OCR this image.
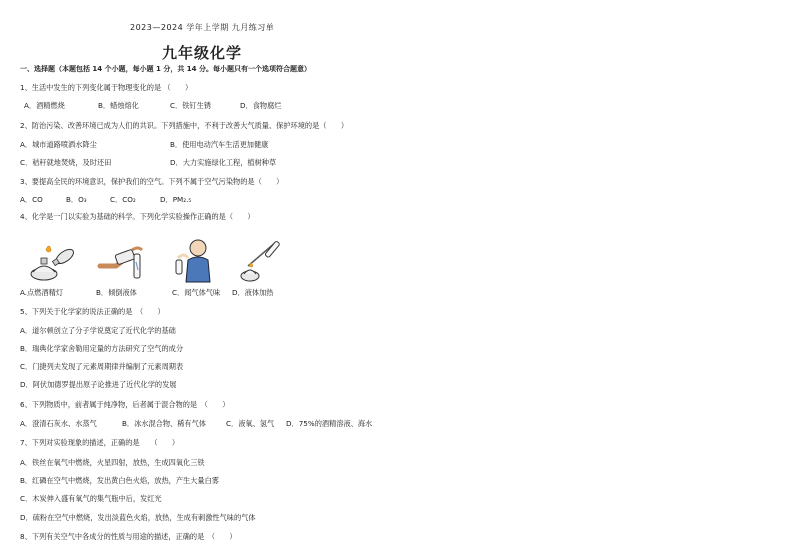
2023—2024 学年上学期 九月练习单
九年级化学
一、选择题（本题包括 14 个小题，每小题 1 分，共 14 分。每小题只有一个选项符合题意）
1、生活中发生的下列变化属于物理变化的是 （　　）
A．酒精燃烧	B．蜡烛熔化	C．铁钉生锈	D．食物腐烂
2、防治污染、改善环境已成为人们的共识。下列措施中，不利于改善大气质量、保护环境的是（　　）
A．城市道路喷洒水降尘	B．使用电动汽车生活更加健康
C．秸秆就地焚烧，及时还田	D．大力实施绿化工程，植树种草
3、要提高全民的环境意识，保护我们的空气。下列不属于空气污染物的是（　　）
A．CO	B．O₃	C．CO₂	D．PM₂.₅
4、化学是一门以实验为基础的科学。下列化学实验操作正确的是（　　）
A.点燃酒精灯	B．倾倒液体	C．闻气体气味 D．液体加热
5、下列关于化学家的说法正确的是　（　　）
A．道尔顿创立了分子学说奠定了近代化学的基础
B．瑞典化学家舍勒用定量的方法研究了空气的成分
C．门捷列夫发现了元素周期律并编制了元素周期表
D．阿伏加德罗提出原子论推进了近代化学的发展
6、下列物质中，前者属于纯净物，后者属于混合物的是　（　　）
A．澄清石灰水、水蒸气	B．冰水混合物、稀有气体	C．液氧、氢气 D．75%的酒精溶液、海水
7、下列对实验现象的描述，正确的是　　（　　）
A．铁丝在氧气中燃烧，火星四射，放热，生成四氧化三铁
B．红磷在空气中燃烧，发出黄白色火焰，放热，产生大量白雾
C．木炭伸入盛有氧气的集气瓶中后，发红光
D．硫粉在空气中燃烧，发出淡蓝色火焰，放热，生成有刺激性气味的气体
8、下列有关空气中各成分的性质与用途的描述，正确的是　（　　）
